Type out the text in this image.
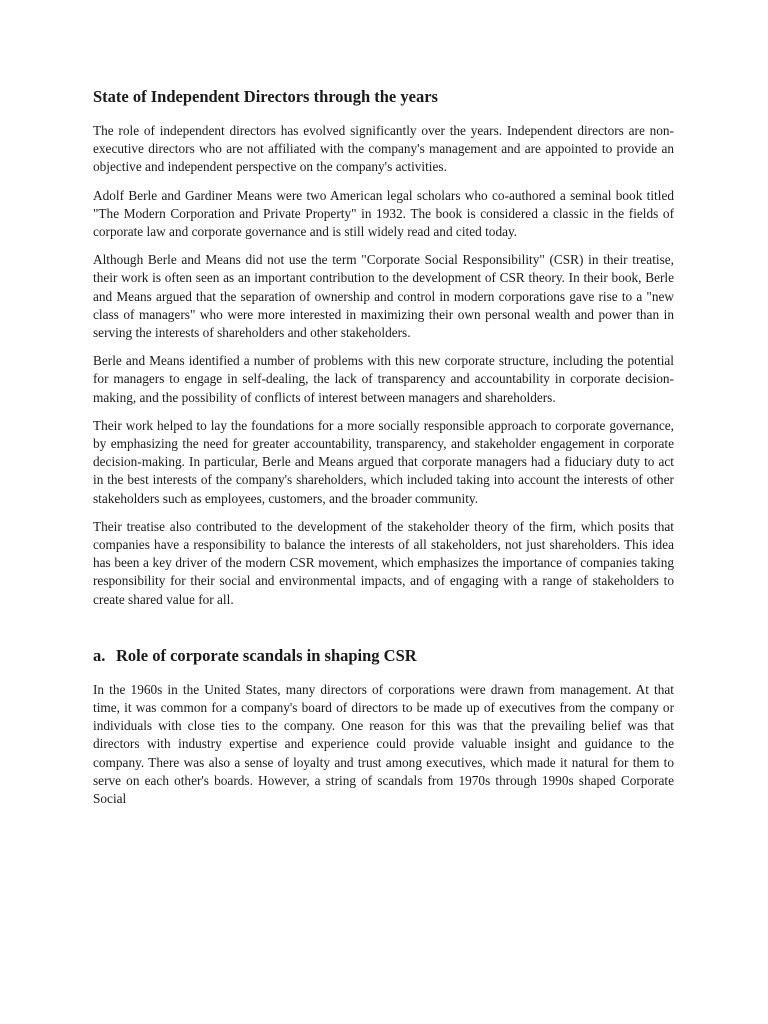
State of Independent Directors through the years

The role of independent directors has evolved significantly over the years. Independent directors are non-executive directors who are not affiliated with the company's management and are appointed to provide an objective and independent perspective on the company's activities.

Adolf Berle and Gardiner Means were two American legal scholars who co-authored a seminal book titled "The Modern Corporation and Private Property" in 1932. The book is considered a classic in the fields of corporate law and corporate governance and is still widely read and cited today.

Although Berle and Means did not use the term "Corporate Social Responsibility" (CSR) in their treatise, their work is often seen as an important contribution to the development of CSR theory. In their book, Berle and Means argued that the separation of ownership and control in modern corporations gave rise to a "new class of managers" who were more interested in maximizing their own personal wealth and power than in serving the interests of shareholders and other stakeholders.

Berle and Means identified a number of problems with this new corporate structure, including the potential for managers to engage in self-dealing, the lack of transparency and accountability in corporate decision-making, and the possibility of conflicts of interest between managers and shareholders.

Their work helped to lay the foundations for a more socially responsible approach to corporate governance, by emphasizing the need for greater accountability, transparency, and stakeholder engagement in corporate decision-making. In particular, Berle and Means argued that corporate managers had a fiduciary duty to act in the best interests of the company's shareholders, which included taking into account the interests of other stakeholders such as employees, customers, and the broader community.

Their treatise also contributed to the development of the stakeholder theory of the firm, which posits that companies have a responsibility to balance the interests of all stakeholders, not just shareholders. This idea has been a key driver of the modern CSR movement, which emphasizes the importance of companies taking responsibility for their social and environmental impacts, and of engaging with a range of stakeholders to create shared value for all.

a. Role of corporate scandals in shaping CSR

In the 1960s in the United States, many directors of corporations were drawn from management. At that time, it was common for a company's board of directors to be made up of executives from the company or individuals with close ties to the company. One reason for this was that the prevailing belief was that directors with industry expertise and experience could provide valuable insight and guidance to the company. There was also a sense of loyalty and trust among executives, which made it natural for them to serve on each other's boards. However, a string of scandals from 1970s through 1990s shaped Corporate Social
